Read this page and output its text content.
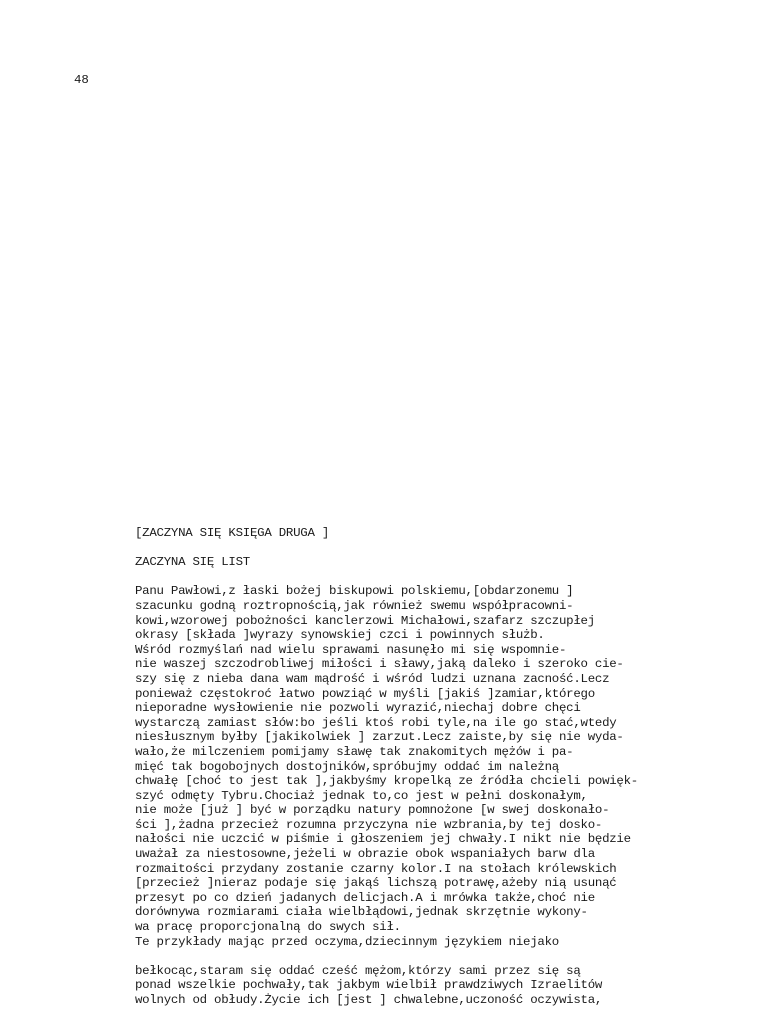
48
[ZACZYNA SIĘ KSIĘGA DRUGA ]
ZACZYNA SIĘ LIST
Panu Pawłowi,z łaski bożej biskupowi polskiemu,[obdarzonemu ]
szacunku godną roztropnością,jak również swemu współpracowni-
kowi,wzorowej pobożności kanclerzowi Michałowi,szafarz szczupłej
okrasy [składa ]wyrazy synowskiej czci i powinnych służb.
Wśród rozmyślań nad wielu sprawami nasunęło mi się wspomnie-
nie waszej szczodrobliwej miłości i sławy,jaką daleko i szeroko cie-
szy się z nieba dana wam mądrość i wśród ludzi uznana zacność.Lecz
ponieważ częstokroć łatwo powziąć w myśli [jakiś ]zamiar,którego
nieporadne wysłowienie nie pozwoli wyrazić,niechaj dobre chęci
wystarczą zamiast słów:bo jeśli ktoś robi tyle,na ile go stać,wtedy
niesłusznym byłby [jakikolwiek ] zarzut.Lecz zaiste,by się nie wyda-
wało,że milczeniem pomijamy sławę tak znakomitych mężów i pa-
mięć tak bogobojnych dostojników,spróbujmy oddać im należną
chwałę [choć to jest tak ],jakbyśmy kropelką ze źródła chcieli powięk-
szyć odmęty Tybru.Chociaż jednak to,co jest w pełni doskonałym,
nie może [już ] być w porządku natury pomnożone [w swej doskonało-
ści ],żadna przecież rozumna przyczyna nie wzbrania,by tej dosko-
nałości nie uczcić w piśmie i głoszeniem jej chwały.I nikt nie będzie
uważał za niestosowne,jeżeli w obrazie obok wspaniałych barw dla
rozmaitości przydany zostanie czarny kolor.I na stołach królewskich
[przecież ]nieraz podaje się jakąś lichszą potrawę,ażeby nią usunąć
przesyt po co dzień jadanych delicjach.A i mrówka także,choć nie
dorównywa rozmiarami ciała wielbłądowi,jednak skrzętnie wykony-
wa pracę proporcjonalną do swych sił.
Te przykłady mając przed oczyma,dziecinnym językiem niejako
bełkocąc,staram się oddać cześć mężom,którzy sami przez się są
ponad wszelkie pochwały,tak jakbym wielbił prawdziwych Izraelitów
wolnych od obłudy.Życie ich [jest ] chwalebne,uczoność oczywista,
